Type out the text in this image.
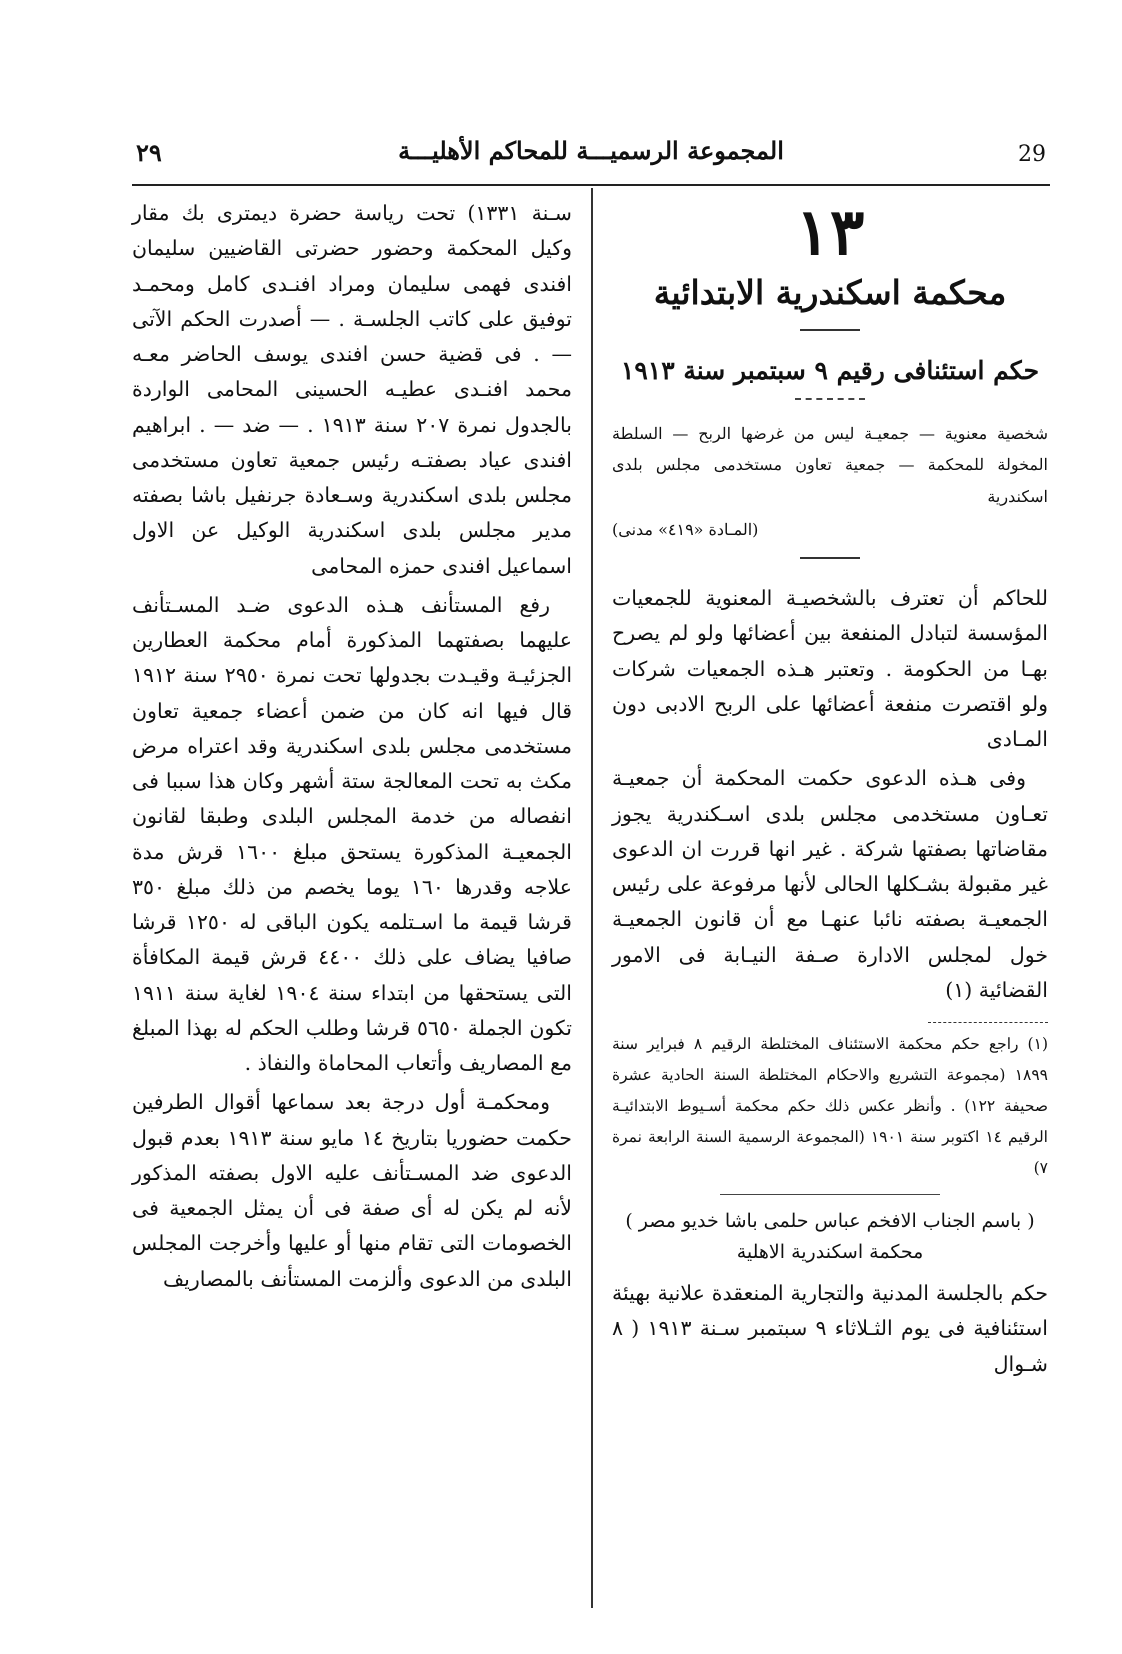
٢٩	المجموعة الرسميـــة للمحاكم الأهليـــة	29
١٣
محكمة اسكندرية الابتدائية
حكم استئنافى رقيم ٩ سبتمبر سنة ١٩١٣
شخصية معنوية — جمعيـة ليس من غرضها الربح — السلطة المخولة للمحكمة — جمعية تعاون مستخدمى مجلس بلدى اسكندرية
(المـادة «٤١٩» مدنى)

للحاكم أن تعترف بالشخصيـة المعنوية للجمعيات المؤسسة لتبادل المنفعة بين أعضائها ولو لم يصرح بهـا من الحكومة . وتعتبر هـذه الجمعيات شركات ولو اقتصرت منفعة أعضائها على الربح الادبى دون المـادى

وفى هـذه الدعوى حكمت المحكمة أن جمعيـة تعـاون مستخدمى مجلس بلدى اسـكندرية يجوز مقاضاتها بصفتها شركة . غير انها قررت ان الدعوى غير مقبولة بشـكلها الحالى لأنها مرفوعة على رئيس الجمعيـة بصفته نائبا عنهـا مع أن قانون الجمعيـة خول لمجلس الادارة صـفة النيـابة فى الامور القضائية (١)

(١) راجع حكم محكمة الاستئناف المختلطة الرقيم ٨ فبراير سنة ١٨٩٩ (مجموعة التشريع والاحكام المختلطة السنة الحادية عشرة صحيفة ١٢٢) . وأنظر عكس ذلك حكم محكمة أسـيوط الابتدائيـة الرقيم ١٤ اكتوبر سنة ١٩٠١ (المجموعة الرسمية السنة الرابعة نمرة ٧)
( باسم الجناب الافخم عباس حلمى باشا خديو مصر )
محكمة اسكندرية الاهلية

حكم بالجلسة المدنية والتجارية المنعقدة علانية بهيئة استئنافية فى يوم الثـلاثاء ٩ سبتمبر سـنة ١٩١٣ ( ٨ شـوال

سـنة ١٣٣١) تحت رياسة حضرة ديمترى بك مقار وكيل المحكمة وحضور حضرتى القاضيين سليمان افندى فهمى سليمان ومراد افنـدى كامل ومحمـد توفيق على كاتب الجلسـة . — أصدرت الحكم الآتى — . فى قضية حسن افندى يوسف الحاضر معـه محمد افنـدى عطيـه الحسينى المحامى الواردة بالجدول نمرة ٢٠٧ سنة ١٩١٣ . — ضد — . ابراهيم افندى عياد بصفتـه رئيس جمعية تعاون مستخدمى مجلس بلدى اسكندرية وسـعادة جرنفيل باشا بصفته مدير مجلس بلدى اسكندرية الوكيل عن الاول اسماعيل افندى حمزه المحامى

رفع المستأنف هـذه الدعوى ضـد المسـتأنف عليهما بصفتهما المذكورة أمام محكمة العطارين الجزئيـة وقيـدت بجدولها تحت نمرة ٢٩٥٠ سنة ١٩١٢ قال فيها انه كان من ضمن أعضاء جمعية تعاون مستخدمى مجلس بلدى اسكندرية وقد اعتراه مرض مكث به تحت المعالجة ستة أشهر وكان هذا سببا فى انفصاله من خدمة المجلس البلدى وطبقا لقانون الجمعيـة المذكورة يستحق مبلغ ١٦٠٠ قرش مدة علاجه وقدرها ١٦٠ يوما يخصم من ذلك مبلغ ٣٥٠ قرشا قيمة ما اسـتلمه يكون الباقى له ١٢٥٠ قرشا صافيا يضاف على ذلك ٤٤٠٠ قرش قيمة المكافأة التى يستحقها من ابتداء سنة ١٩٠٤ لغاية سنة ١٩١١ تكون الجملة ٥٦٥٠ قرشا وطلب الحكم له بهذا المبلغ مع المصاريف وأتعاب المحاماة والنفاذ .

ومحكمـة أول درجة بعد سماعها أقوال الطرفين حكمت حضوريا بتاريخ ١٤ مايو سنة ١٩١٣ بعدم قبول الدعوى ضد المسـتأنف عليه الاول بصفته المذكور لأنه لم يكن له أى صفة فى أن يمثل الجمعية فى الخصومات التى تقام منها أو عليها وأخرجت المجلس البلدى من الدعوى وألزمت المستأنف بالمصاريف
